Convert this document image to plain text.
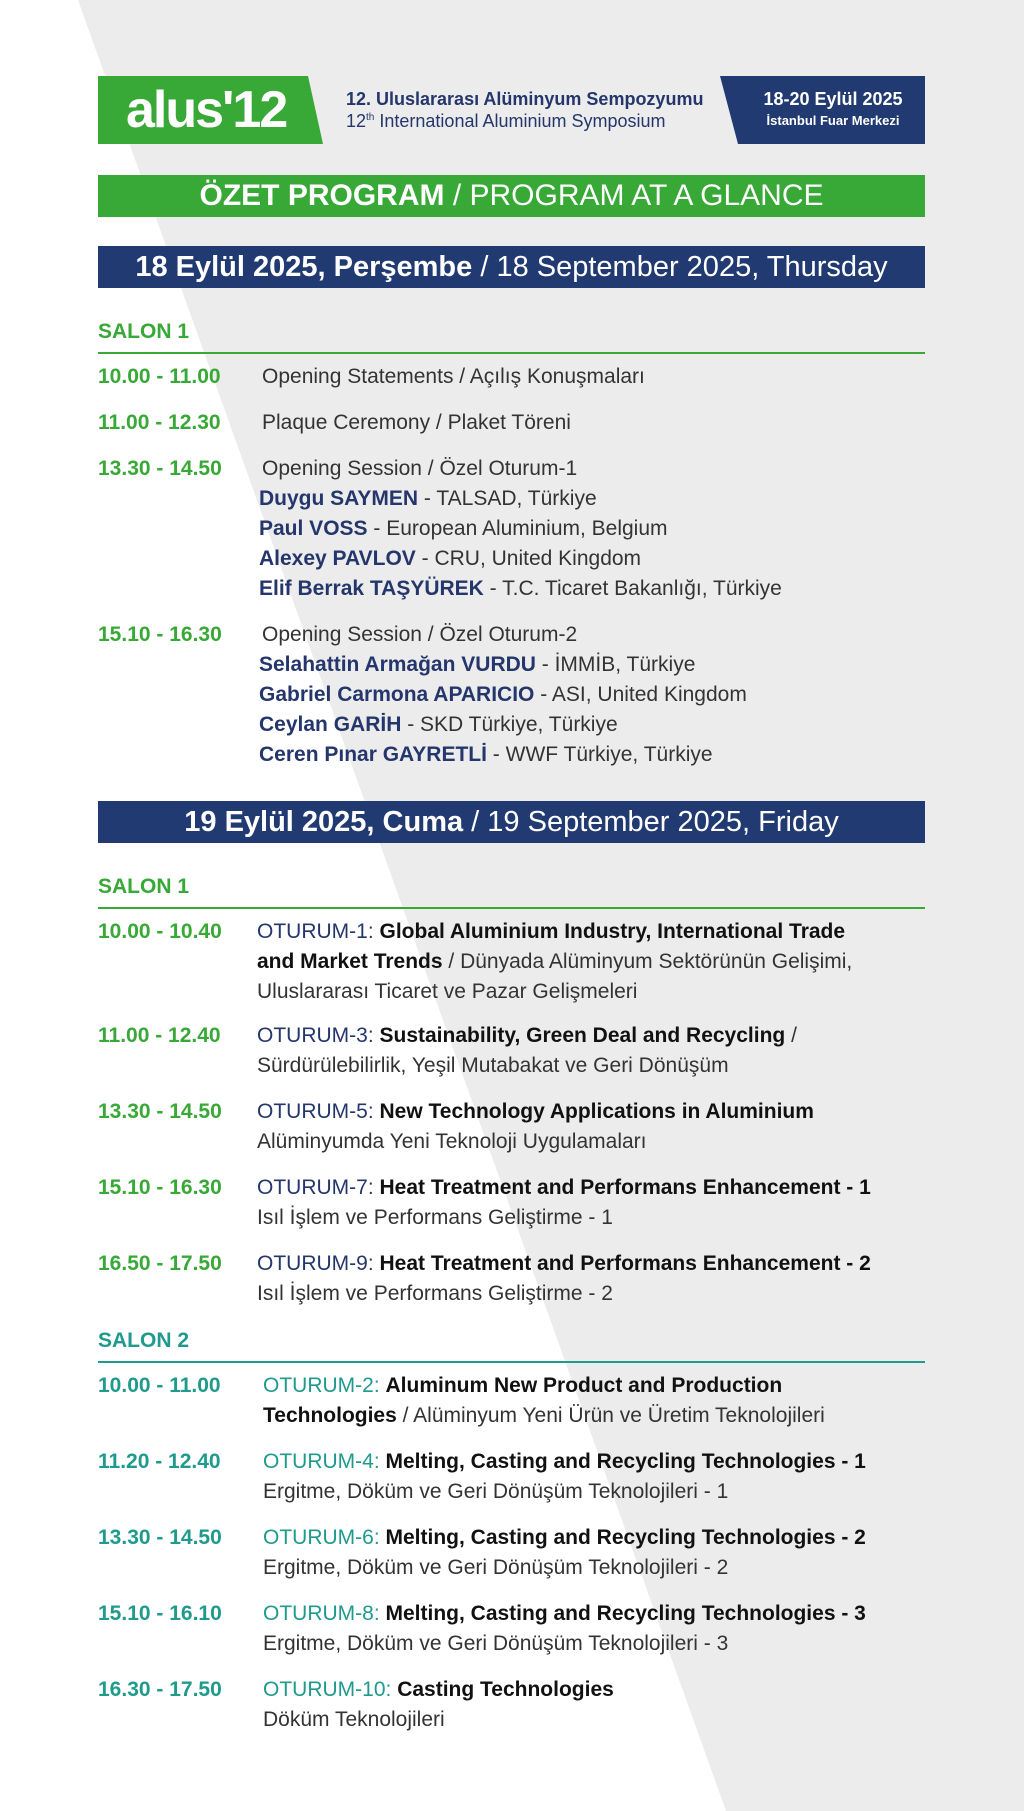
alus'12	12. Uluslararası Alüminyum Sempozyumu
12th International Aluminium Symposium
18-20 Eylül 2025
İstanbul Fuar Merkezi
ÖZET PROGRAM / PROGRAM AT A GLANCE
18 Eylül 2025, Perşembe / 18 September 2025, Thursday
SALON 1
10.00 - 11.00 Opening Statements / Açılış Konuşmaları
11.00 - 12.30 Plaque Ceremony / Plaket Töreni
13.30 - 14.50 Opening Session / Özel Oturum-1
Duygu SAYMEN - TALSAD, Türkiye
Paul VOSS - European Aluminium, Belgium
Alexey PAVLOV - CRU, United Kingdom
Elif Berrak TAŞYÜREK - T.C. Ticaret Bakanlığı, Türkiye
15.10 - 16.30 Opening Session / Özel Oturum-2
Selahattin Armağan VURDU - İMMİB, Türkiye
Gabriel Carmona APARICIO - ASI, United Kingdom
Ceylan GARİH - SKD Türkiye, Türkiye
Ceren Pınar GAYRETLİ - WWF Türkiye, Türkiye
19 Eylül 2025, Cuma / 19 September 2025, Friday
SALON 1
10.00 - 10.40 OTURUM-1: Global Aluminium Industry, International Trade
and Market Trends / Dünyada Alüminyum Sektörünün Gelişimi,
Uluslararası Ticaret ve Pazar Gelişmeleri
11.00 - 12.40 OTURUM-3: Sustainability, Green Deal and Recycling /
Sürdürülebilirlik, Yeşil Mutabakat ve Geri Dönüşüm
13.30 - 14.50 OTURUM-5: New Technology Applications in Aluminium
Alüminyumda Yeni Teknoloji Uygulamaları
15.10 - 16.30 OTURUM-7: Heat Treatment and Performans Enhancement - 1
Isıl İşlem ve Performans Geliştirme - 1
16.50 - 17.50 OTURUM-9: Heat Treatment and Performans Enhancement - 2
Isıl İşlem ve Performans Geliştirme - 2
SALON 2
10.00 - 11.00 OTURUM-2: Aluminum New Product and Production
Technologies / Alüminyum Yeni Ürün ve Üretim Teknolojileri
11.20 - 12.40 OTURUM-4: Melting, Casting and Recycling Technologies - 1
Ergitme, Döküm ve Geri Dönüşüm Teknolojileri - 1
13.30 - 14.50 OTURUM-6: Melting, Casting and Recycling Technologies - 2
Ergitme, Döküm ve Geri Dönüşüm Teknolojileri - 2
15.10 - 16.10 OTURUM-8: Melting, Casting and Recycling Technologies - 3
Ergitme, Döküm ve Geri Dönüşüm Teknolojileri - 3
16.30 - 17.50 OTURUM-10: Casting Technologies
Döküm Teknolojileri
